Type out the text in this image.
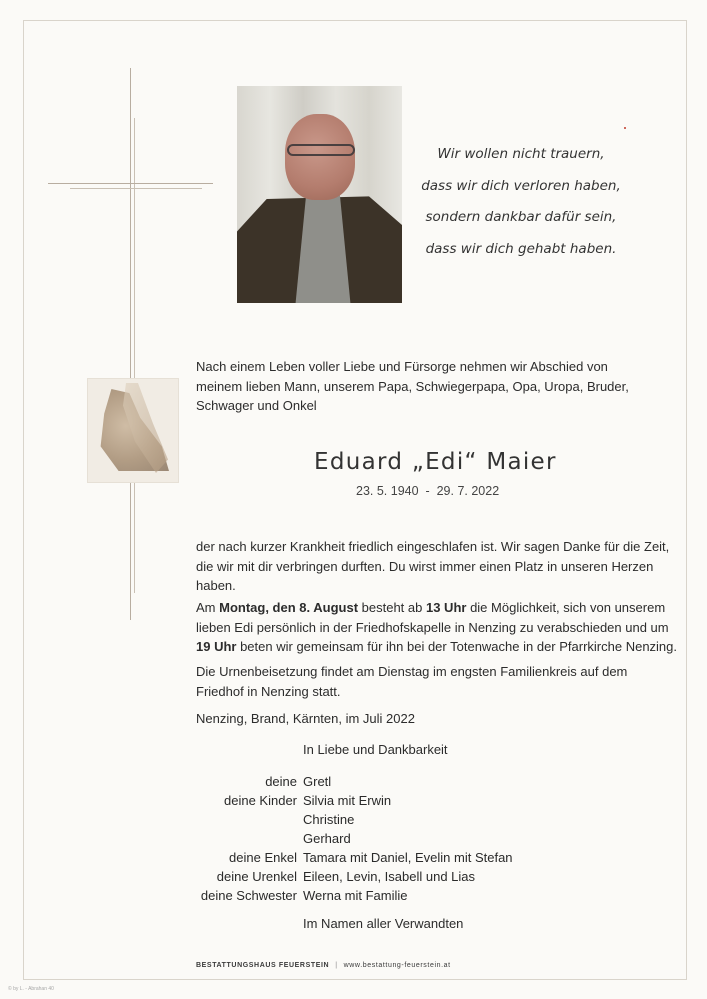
Wir wollen nicht trauern,
dass wir dich verloren haben,
sondern dankbar dafür sein,
dass wir dich gehabt haben.
Nach einem Leben voller Liebe und Fürsorge nehmen wir Abschied von
meinem lieben Mann, unserem Papa, Schwiegerpapa, Opa, Uropa, Bruder,
Schwager und Onkel
Eduard „Edi“ Maier
23. 5. 1940  -  29. 7. 2022
der nach kurzer Krankheit friedlich eingeschlafen ist. Wir sagen Danke für die Zeit,
die wir mit dir verbringen durften. Du wirst immer einen Platz in unseren Herzen
haben.
Am Montag, den 8. August besteht ab 13 Uhr die Möglichkeit, sich von unserem
lieben Edi persönlich in der Friedhofskapelle in Nenzing zu verabschieden und um
19 Uhr beten wir gemeinsam für ihn bei der Totenwache in der Pfarrkirche Nenzing.
Die Urnenbeisetzung findet am Dienstag im engsten Familienkreis auf dem
Friedhof in Nenzing statt.
Nenzing, Brand, Kärnten, im Juli 2022
In Liebe und Dankbarkeit
deine Gretl
deine Kinder Silvia mit Erwin
Christine
Gerhard
deine Enkel Tamara mit Daniel, Evelin mit Stefan
deine Urenkel Eileen, Levin, Isabell und Lias
deine Schwester Werna mit Familie
Im Namen aller Verwandten
BESTATTUNGSHAUS FEUERSTEIN | www.bestattung-feuerstein.at
© by L. - Abrahan 40
